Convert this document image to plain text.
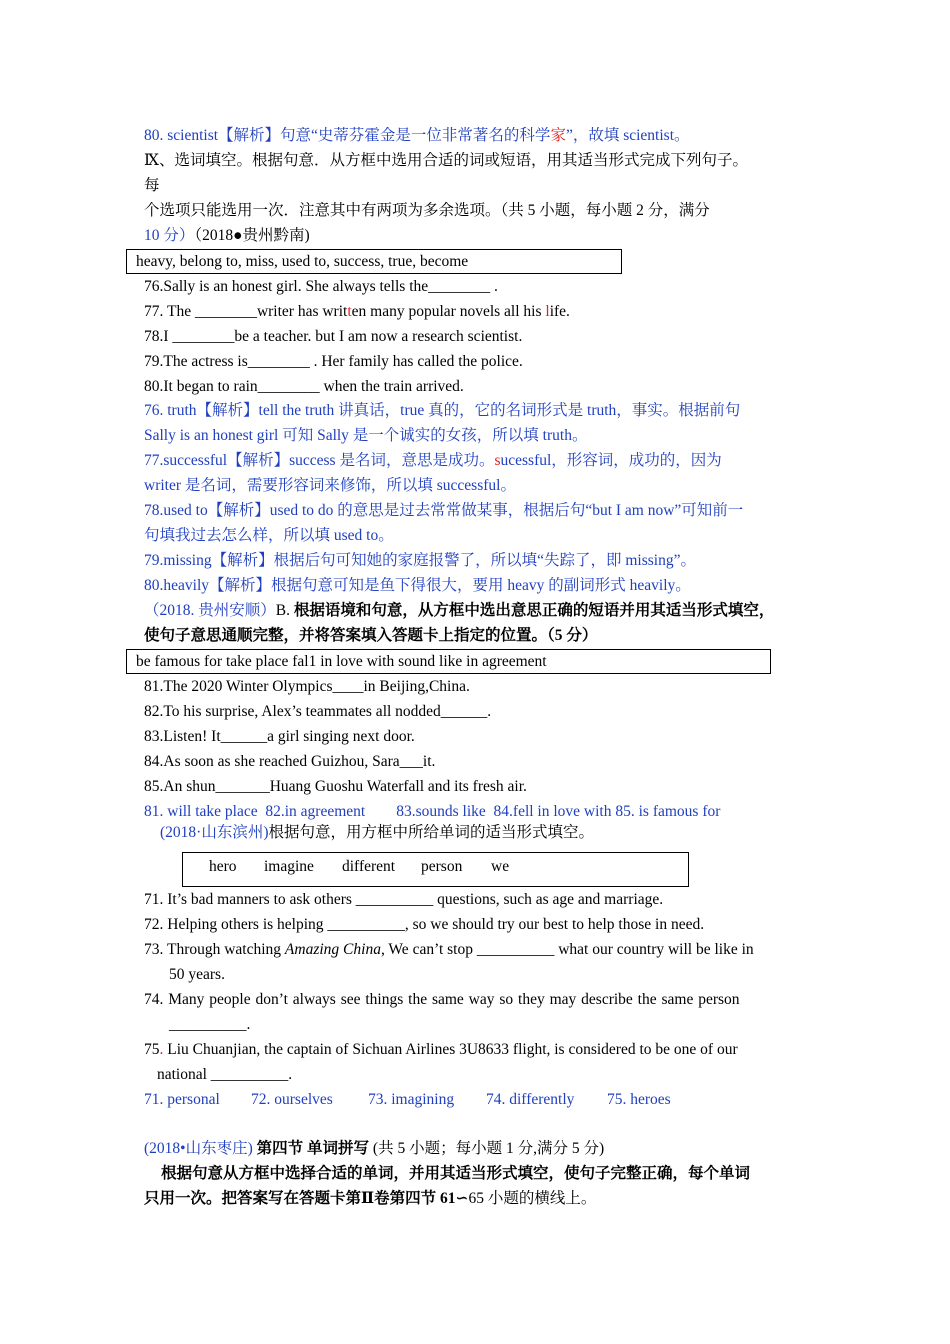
80. scientist【解析】句意“史蒂芬霍金是一位非常著名的科学家”，故填 scientist。
Ⅸ、选词填空。根据句意．从方框中选用合适的词或短语，用其适当形式完成下列句子。
每
个选项只能选用一次．注意其中有两项为多余选项。（共 5 小题，每小题 2 分，满分
10 分）（2018●贵州黔南)
heavy, belong to, miss, used to, success, true, become
76.Sally is an honest girl. She always tells the________ .
77. The ________writer has written many popular novels all his life.
78.I ________be a teacher. but I am now a research scientist.
79.The actress is________ . Her family has called the police.
80.It began to rain________ when the train arrived.
76. truth【解析】tell the truth 讲真话，true 真的，它的名词形式是 truth，事实。根据前句
Sally is an honest girl 可知 Sally 是一个诚实的女孩，所以填 truth。
77.successful【解析】success 是名词，意思是成功。sucessful，形容词，成功的，因为
writer 是名词，需要形容词来修饰，所以填 successful。
78.used to【解析】used to do 的意思是过去常常做某事，根据后句“but I am now”可知前一
句填我过去怎么样，所以填 used to。
79.missing【解析】根据后句可知她的家庭报警了，所以填“失踪了，即 missing”。
80.heavily【解析】根据句意可知是鱼下得很大，要用 heavy 的副词形式 heavily。
（2018. 贵州安顺）B. 根据语境和句意，从方框中选出意思正确的短语并用其适当形式填空，
使句子意思通顺完整，并将答案填入答题卡上指定的位置。（5 分）
be famous for take place fal1 in love with sound like in agreement
81.The 2020 Winter Olympics____in Beijing,China.
82.To his surprise, Alex’s teammates all nodded______.
83.Listen! It______a girl singing next door.
84.As soon as she reached Guizhou, Sara___it.
85.An shun_______Huang Guoshu Waterfall and its fresh air.
81. will take place  82.in agreement        83.sounds like  84.fell in love with 85. is famous for
(2018·山东滨州)根据句意，用方框中所给单词的适当形式填空。
hero imagine different person we
71. It’s bad manners to ask others __________ questions, such as age and marriage.
72. Helping others is helping __________, so we should try our best to help those in need.
73. Through watching Amazing China, We can’t stop __________ what our country will be like in
50 years.
74. Many people don’t always see things the same way so they may describe the same person
__________.
75. Liu Chuanjian, the captain of Sichuan Airlines 3U8633 flight, is considered to be one of our
national __________.
71. personal 72. ourselves 73. imagining 74. differently 75. heroes
(2018•山东枣庄) 第四节 单词拼写 (共 5 小题；每小题 1 分,满分 5 分)
根据句意从方框中选择合适的单词，并用其适当形式填空，使句子完整正确，每个单词
只用一次。把答案写在答题卡第Ⅱ卷第四节 61∽65 小题的横线上。
